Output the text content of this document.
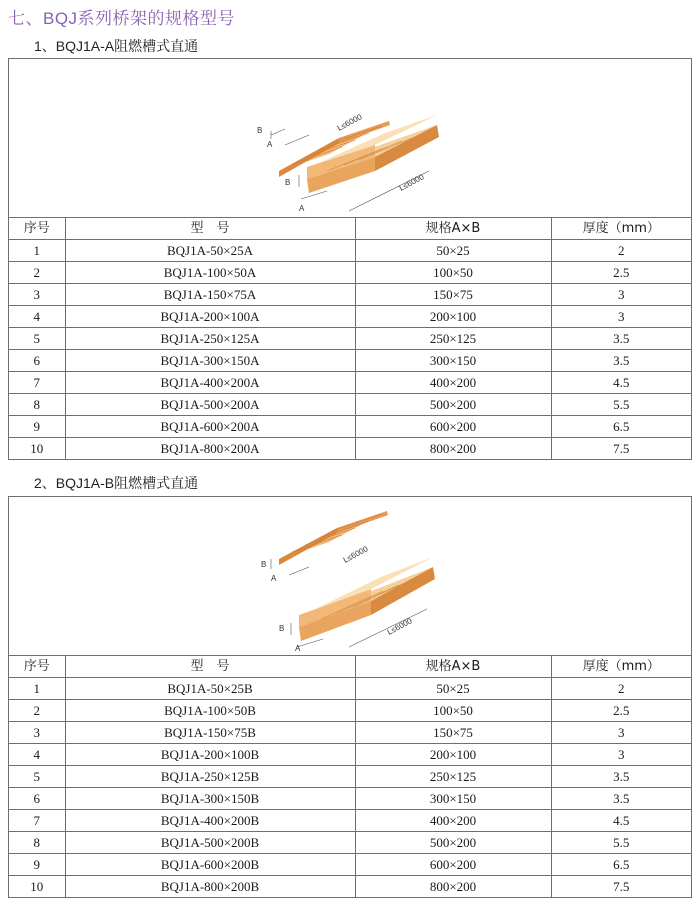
七、BQJ系列桥架的规格型号
1、BQJ1A-A阻燃槽式直通
B
A
L≤6000
B
A
L≤6000
序号	型　号	规格A×B	厚度（mm）
1	BQJ1A-50×25A	50×25	2
2	BQJ1A-100×50A	100×50	2.5
3	BQJ1A-150×75A	150×75	3
4	BQJ1A-200×100A	200×100	3
5	BQJ1A-250×125A	250×125	3.5
6	BQJ1A-300×150A	300×150	3.5
7	BQJ1A-400×200A	400×200	4.5
8	BQJ1A-500×200A	500×200	5.5
9	BQJ1A-600×200A	600×200	6.5
10	BQJ1A-800×200A	800×200	7.5
2、BQJ1A-B阻燃槽式直通
B
A
L≤6000
B
A
L≤6000
序号	型　号	规格A×B	厚度（mm）
1	BQJ1A-50×25B	50×25	2
2	BQJ1A-100×50B	100×50	2.5
3	BQJ1A-150×75B	150×75	3
4	BQJ1A-200×100B	200×100	3
5	BQJ1A-250×125B	250×125	3.5
6	BQJ1A-300×150B	300×150	3.5
7	BQJ1A-400×200B	400×200	4.5
8	BQJ1A-500×200B	500×200	5.5
9	BQJ1A-600×200B	600×200	6.5
10	BQJ1A-800×200B	800×200	7.5
